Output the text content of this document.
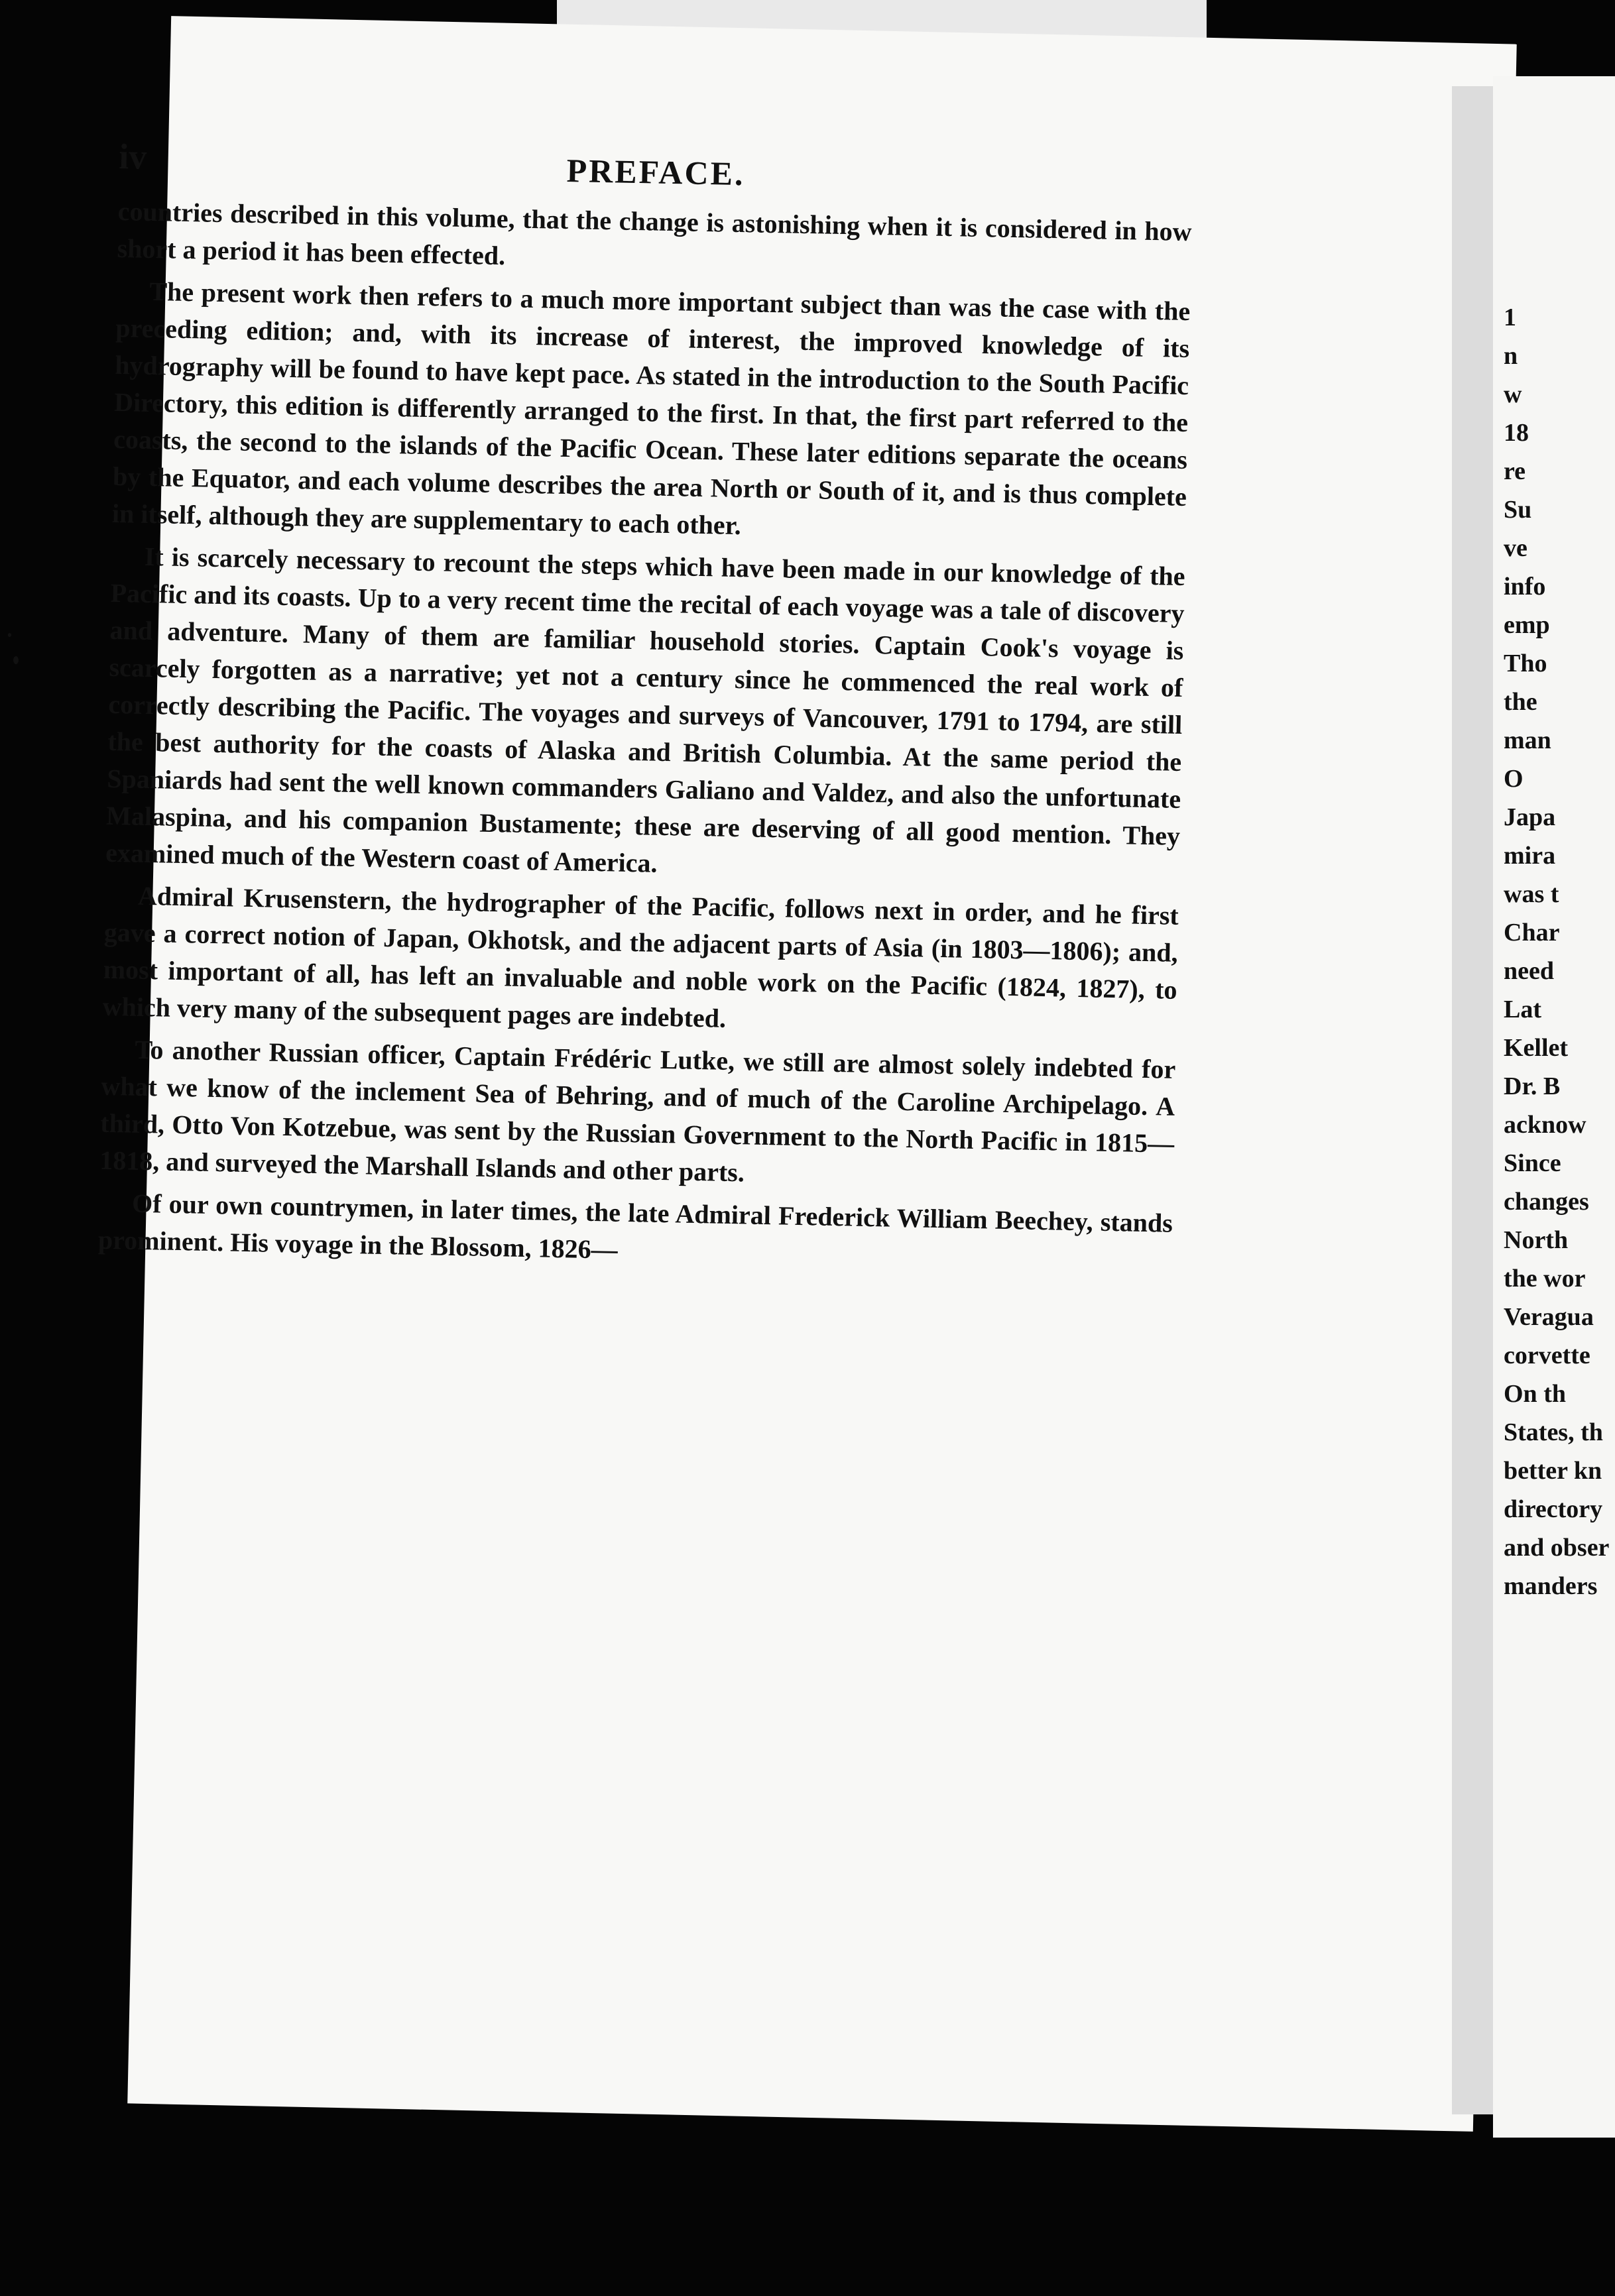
iv	PREFACE.

countries described in this volume, that the change is astonishing when it is considered in how short a period it has been effected.

The present work then refers to a much more important subject than was the case with the preceding edition; and, with its increase of interest, the improved knowledge of its hydrography will be found to have kept pace. As stated in the introduction to the South Pacific Directory, this edition is differently arranged to the first. In that, the first part referred to the coasts, the second to the islands of the Pacific Ocean. These later editions separate the oceans by the Equator, and each volume describes the area North or South of it, and is thus complete in itself, although they are supplementary to each other.

It is scarcely necessary to recount the steps which have been made in our knowledge of the Pacific and its coasts. Up to a very recent time the recital of each voyage was a tale of discovery and adventure. Many of them are familiar household stories. Captain Cook's voyage is scarcely forgotten as a narrative; yet not a century since he commenced the real work of correctly describing the Pacific. The voyages and surveys of Vancouver, 1791 to 1794, are still the best authority for the coasts of Alaska and British Columbia. At the same period the Spaniards had sent the well known commanders Galiano and Valdez, and also the unfortunate Malaspina, and his companion Bustamente; these are deserving of all good mention. They examined much of the Western coast of America.

Admiral Krusenstern, the hydrographer of the Pacific, follows next in order, and he first gave a correct notion of Japan, Okhotsk, and the adjacent parts of Asia (in 1803—1806); and, most important of all, has left an invaluable and noble work on the Pacific (1824, 1827), to which very many of the subsequent pages are indebted.

To another Russian officer, Captain Frédéric Lutke, we still are almost solely indebted for what we know of the inclement Sea of Behring, and of much of the Caroline Archipelago. A third, Otto Von Kotzebue, was sent by the Russian Government to the North Pacific in 1815—1818, and surveyed the Marshall Islands and other parts.

Of our own countrymen, in later times, the late Admiral Frederick William Beechey, stands prominent. His voyage in the Blossom, 1826—

1
n
w
18
re
Su
ve
info
emp
Tho
the
man
O
Japa
mira
was t
Char
need
Lat
Kellet
Dr. B
acknow
Since
changes
North
the wor
Veragua
corvette
On th
States, th
better kn
directory
and obser
manders
